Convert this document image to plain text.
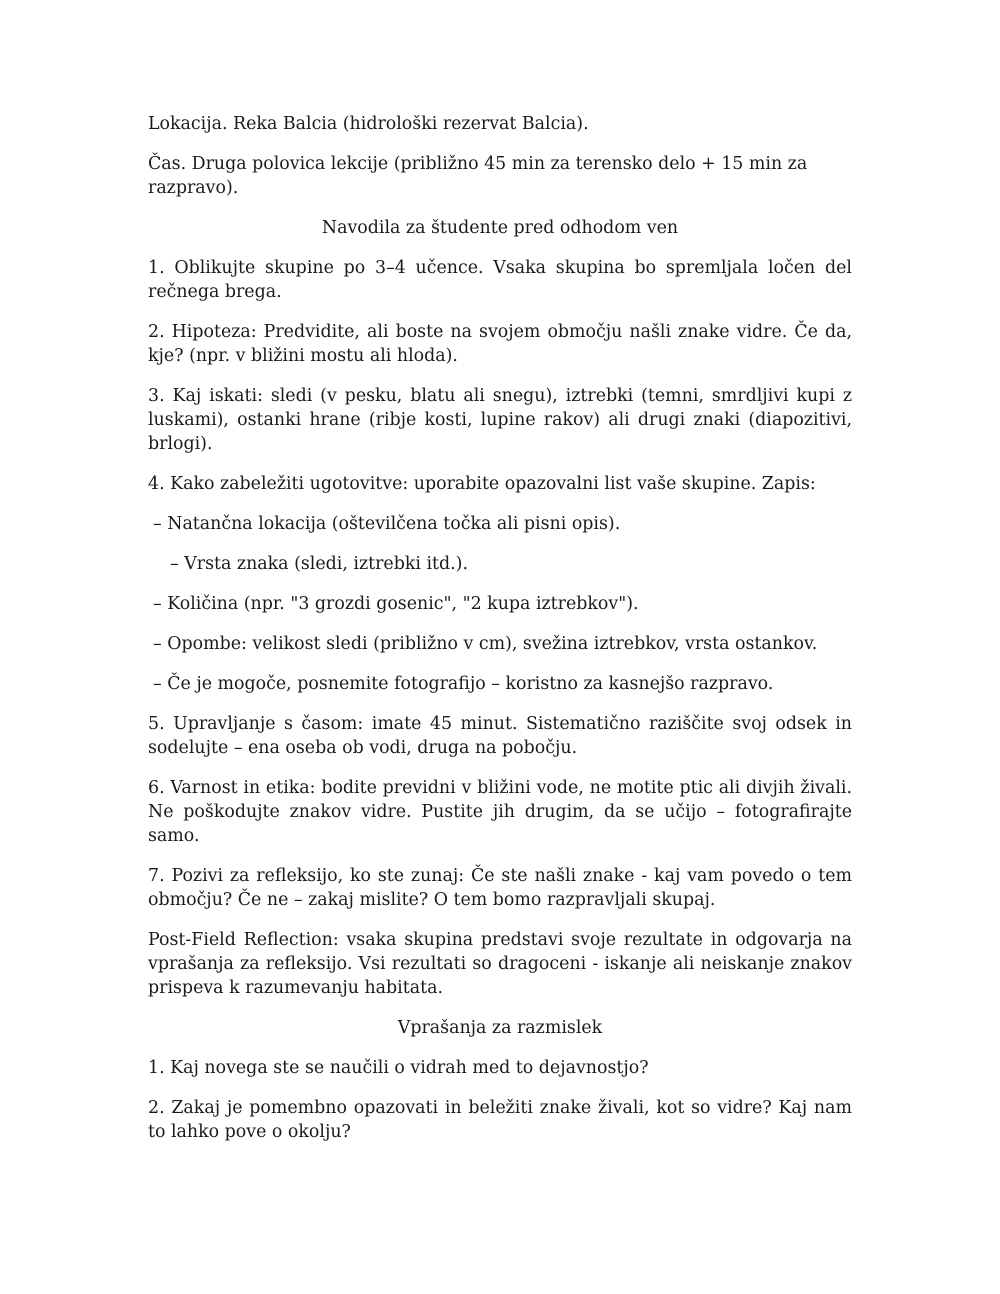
Lokacija. Reka Balcia (hidrološki rezervat Balcia).

Čas. Druga polovica lekcije (približno 45 min za terensko delo + 15 min za razpravo).

Navodila za študente pred odhodom ven

1. Oblikujte skupine po 3–4 učence. Vsaka skupina bo spremljala ločen del rečnega brega.

2. Hipoteza: Predvidite, ali boste na svojem območju našli znake vidre. Če da, kje? (npr. v bližini mostu ali hloda).

3. Kaj iskati: sledi (v pesku, blatu ali snegu), iztrebki (temni, smrdljivi kupi z luskami), ostanki hrane (ribje kosti, lupine rakov) ali drugi znaki (diapozitivi, brlogi).

4. Kako zabeležiti ugotovitve: uporabite opazovalni list vaše skupine. Zapis:

– Natančna lokacija (oštevilčena točka ali pisni opis).

– Vrsta znaka (sledi, iztrebki itd.).

– Količina (npr. "3 grozdi gosenic", "2 kupa iztrebkov").

– Opombe: velikost sledi (približno v cm), svežina iztrebkov, vrsta ostankov.

– Če je mogoče, posnemite fotografijo – koristno za kasnejšo razpravo.

5. Upravljanje s časom: imate 45 minut. Sistematično raziščite svoj odsek in sodelujte – ena oseba ob vodi, druga na pobočju.

6. Varnost in etika: bodite previdni v bližini vode, ne motite ptic ali divjih živali. Ne poškodujte znakov vidre. Pustite jih drugim, da se učijo – fotografirajte samo.

7. Pozivi za refleksijo, ko ste zunaj: Če ste našli znake - kaj vam povedo o tem območju? Če ne – zakaj mislite? O tem bomo razpravljali skupaj.

Post-Field Reflection: vsaka skupina predstavi svoje rezultate in odgovarja na vprašanja za refleksijo. Vsi rezultati so dragoceni - iskanje ali neiskanje znakov prispeva k razumevanju habitata.

Vprašanja za razmislek

1. Kaj novega ste se naučili o vidrah med to dejavnostjo?

2. Zakaj je pomembno opazovati in beležiti znake živali, kot so vidre? Kaj nam to lahko pove o okolju?
